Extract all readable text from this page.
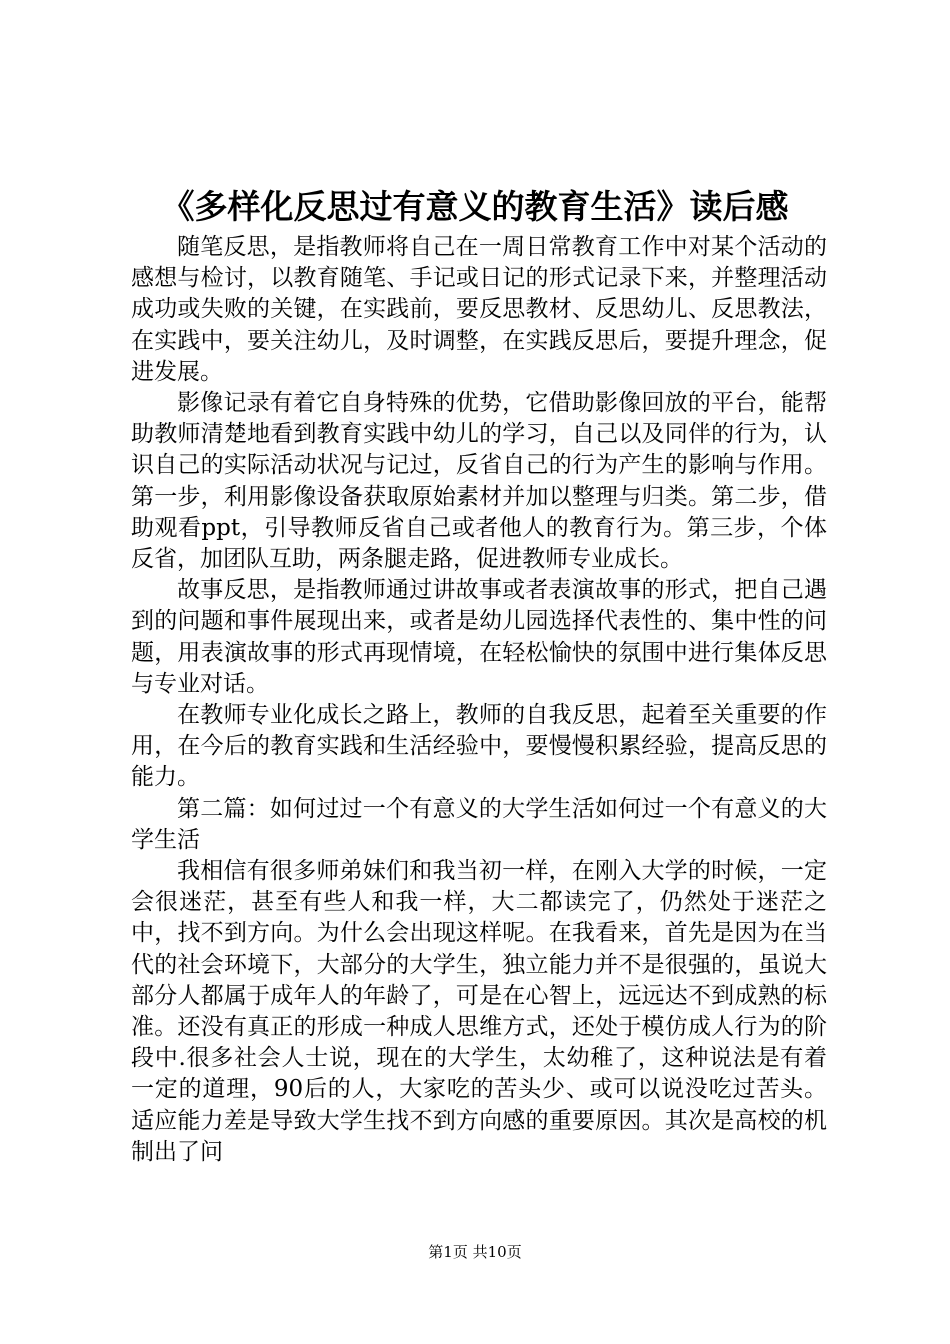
《多样化反思过有意义的教育生活》读后感

随笔反思，是指教师将自己在一周日常教育工作中对某个活动的感想与检讨，以教育随笔、手记或日记的形式记录下来，并整理活动成功或失败的关键，在实践前，要反思教材、反思幼儿、反思教法，在实践中，要关注幼儿，及时调整，在实践反思后，要提升理念，促进发展。

影像记录有着它自身特殊的优势，它借助影像回放的平台，能帮助教师清楚地看到教育实践中幼儿的学习，自己以及同伴的行为，认识自己的实际活动状况与记过，反省自己的行为产生的影响与作用。第一步，利用影像设备获取原始素材并加以整理与归类。第二步，借助观看ppt，引导教师反省自己或者他人的教育行为。第三步，个体反省，加团队互助，两条腿走路，促进教师专业成长。

故事反思，是指教师通过讲故事或者表演故事的形式，把自己遇到的问题和事件展现出来，或者是幼儿园选择代表性的、集中性的问题，用表演故事的形式再现情境，在轻松愉快的氛围中进行集体反思与专业对话。

在教师专业化成长之路上，教师的自我反思，起着至关重要的作用，在今后的教育实践和生活经验中，要慢慢积累经验，提高反思的能力。

第二篇：如何过过一个有意义的大学生活如何过一个有意义的大学生活

我相信有很多师弟妹们和我当初一样，在刚入大学的时候，一定会很迷茫，甚至有些人和我一样，大二都读完了，仍然处于迷茫之中，找不到方向。为什么会出现这样呢。在我看来，首先是因为在当代的社会环境下，大部分的大学生，独立能力并不是很强的，虽说大部分人都属于成年人的年龄了，可是在心智上，远远达不到成熟的标准。还没有真正的形成一种成人思维方式，还处于模仿成人行为的阶段中.很多社会人士说，现在的大学生，太幼稚了，这种说法是有着一定的道理，90后的人，大家吃的苦头少、或可以说没吃过苦头。适应能力差是导致大学生找不到方向感的重要原因。其次是高校的机制出了问

第1页 共10页
